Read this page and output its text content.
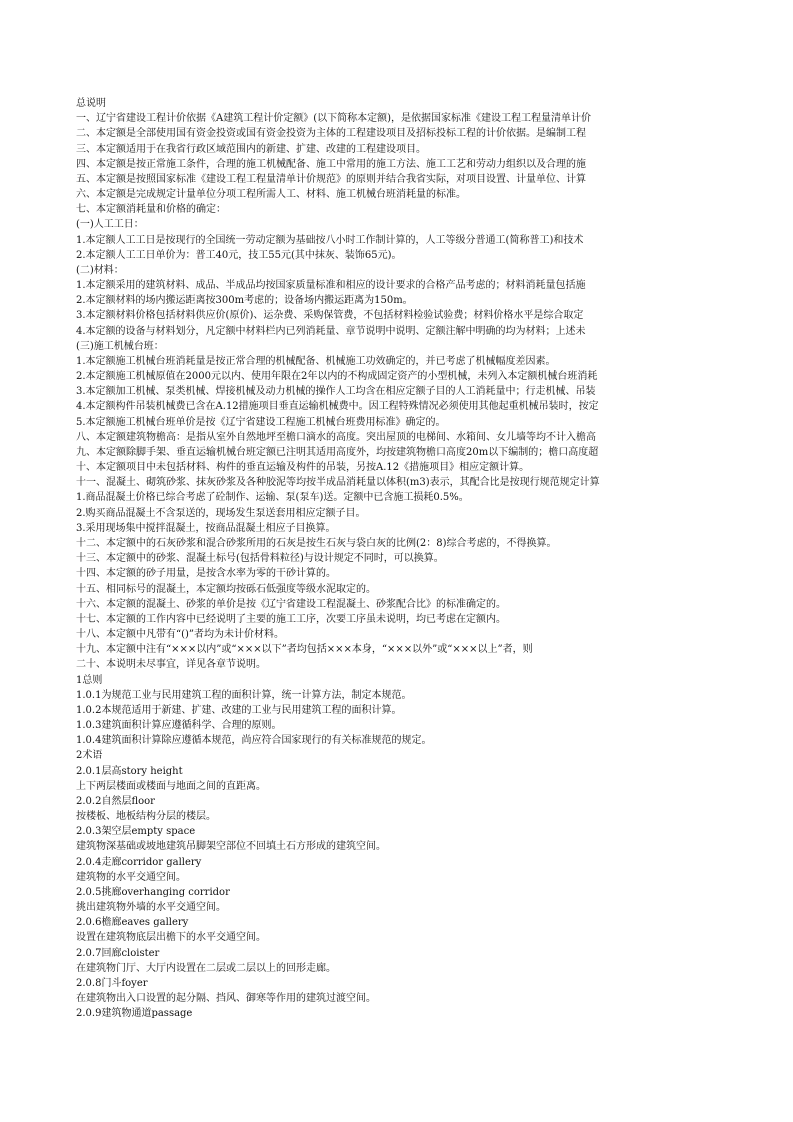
总说明
一、辽宁省建设工程计价依据《A建筑工程计价定额》(以下简称本定额)，是依据国家标准《建设工程工程量清单计价
二、本定额是全部使用国有资金投资或国有资金投资为主体的工程建设项目及招标投标工程的计价依据。是编制工程
三、本定额适用于在我省行政区域范围内的新建、扩建、改建的工程建设项目。
四、本定额是按正常施工条件，合理的施工机械配备、施工中常用的施工方法、施工工艺和劳动力组织以及合理的施
五、本定额是按照国家标准《建设工程工程量清单计价规范》的原则并结合我省实际，对项目设置、计量单位、计算
六、本定额是完成规定计量单位分项工程所需人工、材料、施工机械台班消耗量的标准。
七、本定额消耗量和价格的确定：
(一)人工工日：
1.本定额人工工日是按现行的全国统一劳动定额为基础按八小时工作制计算的，人工等级分普通工(简称普工)和技术
2.本定额人工工日单价为：普工40元，技工55元(其中抹灰、装饰65元)。
(二)材料：
1.本定额采用的建筑材料、成品、半成品均按国家质量标准和相应的设计要求的合格产品考虑的；材料消耗量包括施
2.本定额材料的场内搬运距离按300m考虑的；设备场内搬运距离为150m。
3.本定额材料价格包括材料供应价(原价)、运杂费、采购保管费，不包括材料检验试验费；材料价格水平是综合取定
4.本定额的设备与材料划分，凡定额中材料栏内已列消耗量、章节说明中说明、定额注解中明确的均为材料；上述未
(三)施工机械台班：
1.本定额施工机械台班消耗量是按正常合理的机械配备、机械施工功效确定的，并已考虑了机械幅度差因素。
2.本定额施工机械原值在2000元以内、使用年限在2年以内的不构成固定资产的小型机械，未列入本定额机械台班消耗
3.本定额加工机械、泵类机械、焊接机械及动力机械的操作人工均含在相应定额子目的人工消耗量中；行走机械、吊装
4.本定额构件吊装机械费已含在A.12措施项目垂直运输机械费中。因工程特殊情况必须使用其他起重机械吊装时，按定
5.本定额施工机械台班单价是按《辽宁省建设工程施工机械台班费用标准》确定的。
八、本定额建筑物檐高：是指从室外自然地坪至檐口滴水的高度。突出屋顶的电梯间、水箱间、女儿墙等均不计入檐高
九、本定额除脚手架、垂直运输机械台班定额已注明其适用高度外，均按建筑物檐口高度20m以下编制的；檐口高度超
十、本定额项目中未包括材料、构件的垂直运输及构件的吊装，另按A.12《措施项目》相应定额计算。
十一、混凝土、砌筑砂浆、抹灰砂浆及各种胶泥等均按半成品消耗量以体积(m3)表示，其配合比是按现行规范规定计算
1.商品混凝土价格已综合考虑了砼制作、运输、泵(泵车)送。定额中已含施工损耗0.5%。
2.购买商品混凝土不含泵送的，现场发生泵送套用相应定额子目。
3.采用现场集中搅拌混凝土，按商品混凝土相应子目换算。
十二、本定额中的石灰砂浆和混合砂浆所用的石灰是按生石灰与袋白灰的比例(2：8)综合考虑的，不得换算。
十三、本定额中的砂浆、混凝土标号(包括骨料粒径)与设计规定不同时，可以换算。
十四、本定额的砂子用量，是按含水率为零的干砂计算的。
十五、相同标号的混凝土，本定额均按砾石低强度等级水泥取定的。
十六、本定额的混凝土、砂浆的单价是按《辽宁省建设工程混凝土、砂浆配合比》的标准确定的。
十七、本定额的工作内容中已经说明了主要的施工工序，次要工序虽未说明，均已考虑在定额内。
十八、本定额中凡带有“()”者均为未计价材料。
十九、本定额中注有“×××以内”或“×××以下”者均包括×××本身，“×××以外”或“×××以上”者，则
二十、本说明未尽事宜，详见各章节说明。
1总则
1.0.1为规范工业与民用建筑工程的面积计算，统一计算方法，制定本规范。
1.0.2本规范适用于新建、扩建、改建的工业与民用建筑工程的面积计算。
1.0.3建筑面积计算应遵循科学、合理的原则。
1.0.4建筑面积计算除应遵循本规范，尚应符合国家现行的有关标准规范的规定。
2术语
2.0.1层高story height
上下两层楼面或楼面与地面之间的直距离。
2.0.2自然层floor
按楼板、地板结构分层的楼层。
2.0.3架空层empty space
建筑物深基础或坡地建筑吊脚架空部位不回填土石方形成的建筑空间。
2.0.4走廊corridor gallery
建筑物的水平交通空间。
2.0.5挑廊overhanging corridor
挑出建筑物外墙的水平交通空间。
2.0.6檐廊eaves gallery
设置在建筑物底层出檐下的水平交通空间。
2.0.7回廊cloister
在建筑物门厅、大厅内设置在二层或二层以上的回形走廊。
2.0.8门斗foyer
在建筑物出入口设置的起分隔、挡风、御寒等作用的建筑过渡空间。
2.0.9建筑物通道passage
